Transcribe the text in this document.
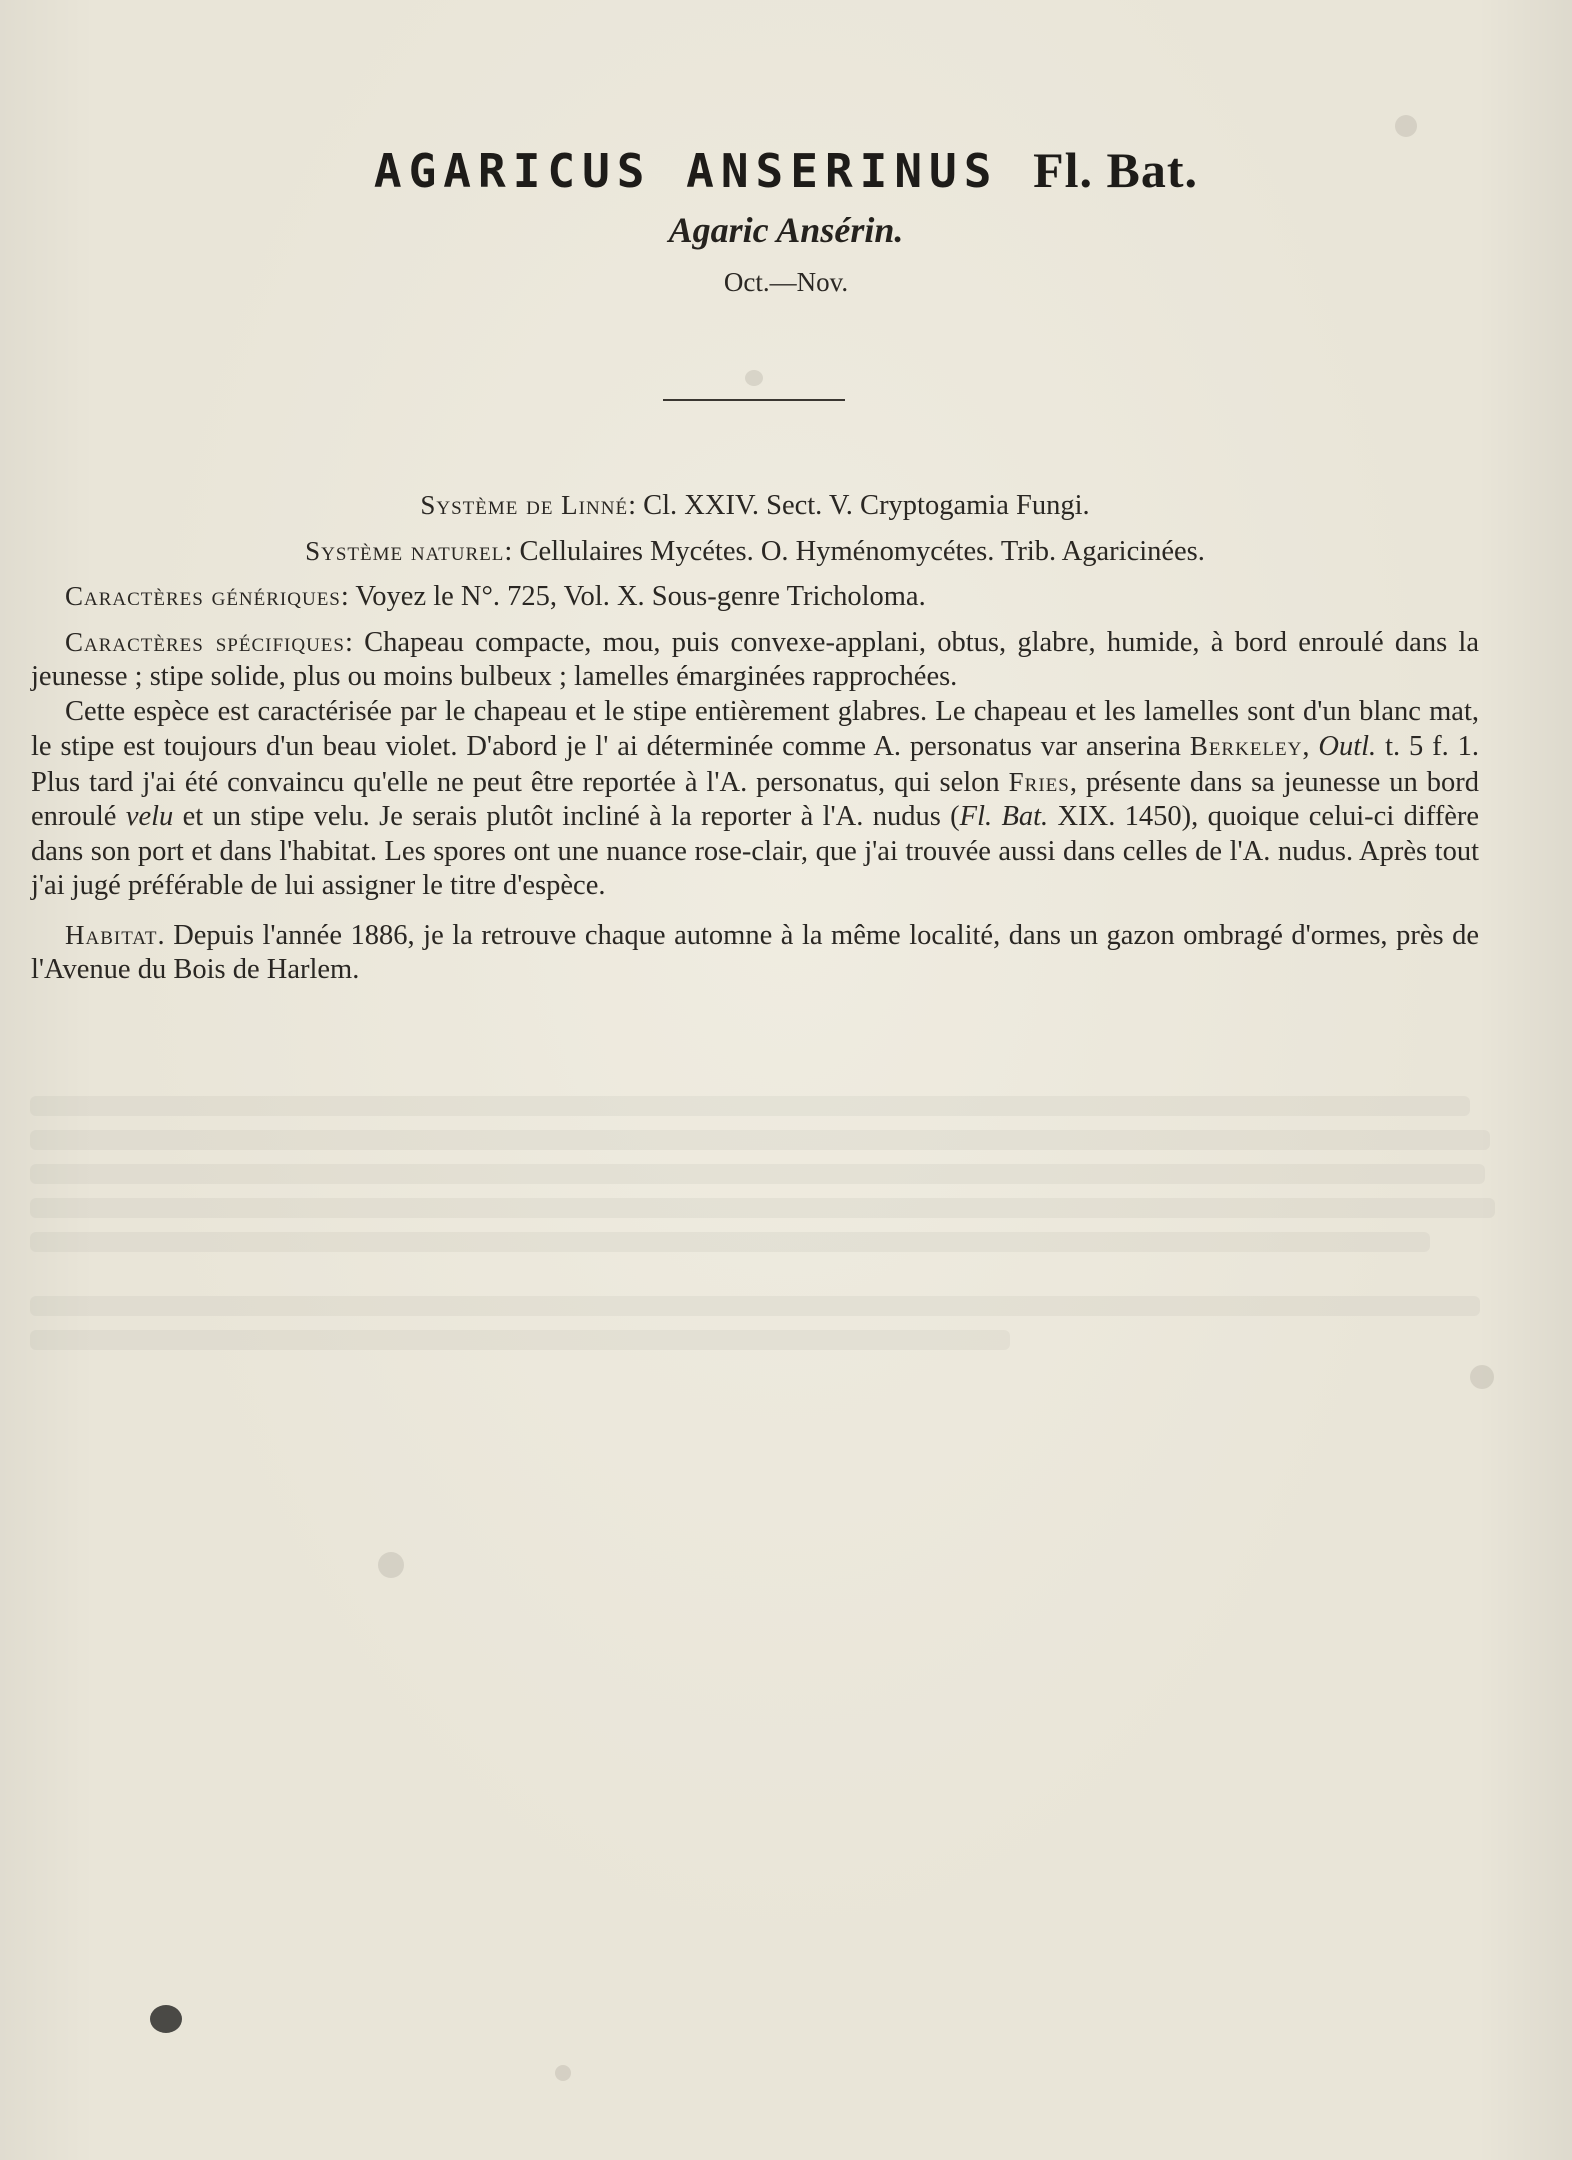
AGARICUS ANSERINUS Fl. Bat.

Agaric Ansérin.

Oct.—Nov.

Système de Linné: Cl. XXIV. Sect. V. Cryptogamia Fungi.

Système naturel: Cellulaires Mycétes. O. Hyménomycétes. Trib. Agaricinées.

Caractères génériques: Voyez le N°. 725, Vol. X. Sous-genre Tricholoma.

Caractères spécifiques: Chapeau compacte, mou, puis convexe-applani, obtus, glabre, humide, à bord enroulé dans la jeunesse ; stipe solide, plus ou moins bulbeux ; lamelles émarginées rapprochées.

Cette espèce est caractérisée par le chapeau et le stipe entièrement glabres. Le chapeau et les lamelles sont d'un blanc mat, le stipe est toujours d'un beau violet. D'abord je l' ai déterminée comme A. personatus var anserina Berkeley, Outl. t. 5 f. 1. Plus tard j'ai été convaincu qu'elle ne peut être reportée à l'A. personatus, qui selon Fries, présente dans sa jeunesse un bord enroulé velu et un stipe velu. Je serais plutôt incliné à la reporter à l'A. nudus (Fl. Bat. XIX. 1450), quoique celui-ci diffère dans son port et dans l'habitat. Les spores ont une nuance rose-clair, que j'ai trouvée aussi dans celles de l'A. nudus. Après tout j'ai jugé préférable de lui assigner le titre d'espèce.

Habitat. Depuis l'année 1886, je la retrouve chaque automne à la même localité, dans un gazon ombragé d'ormes, près de l'Avenue du Bois de Harlem.
